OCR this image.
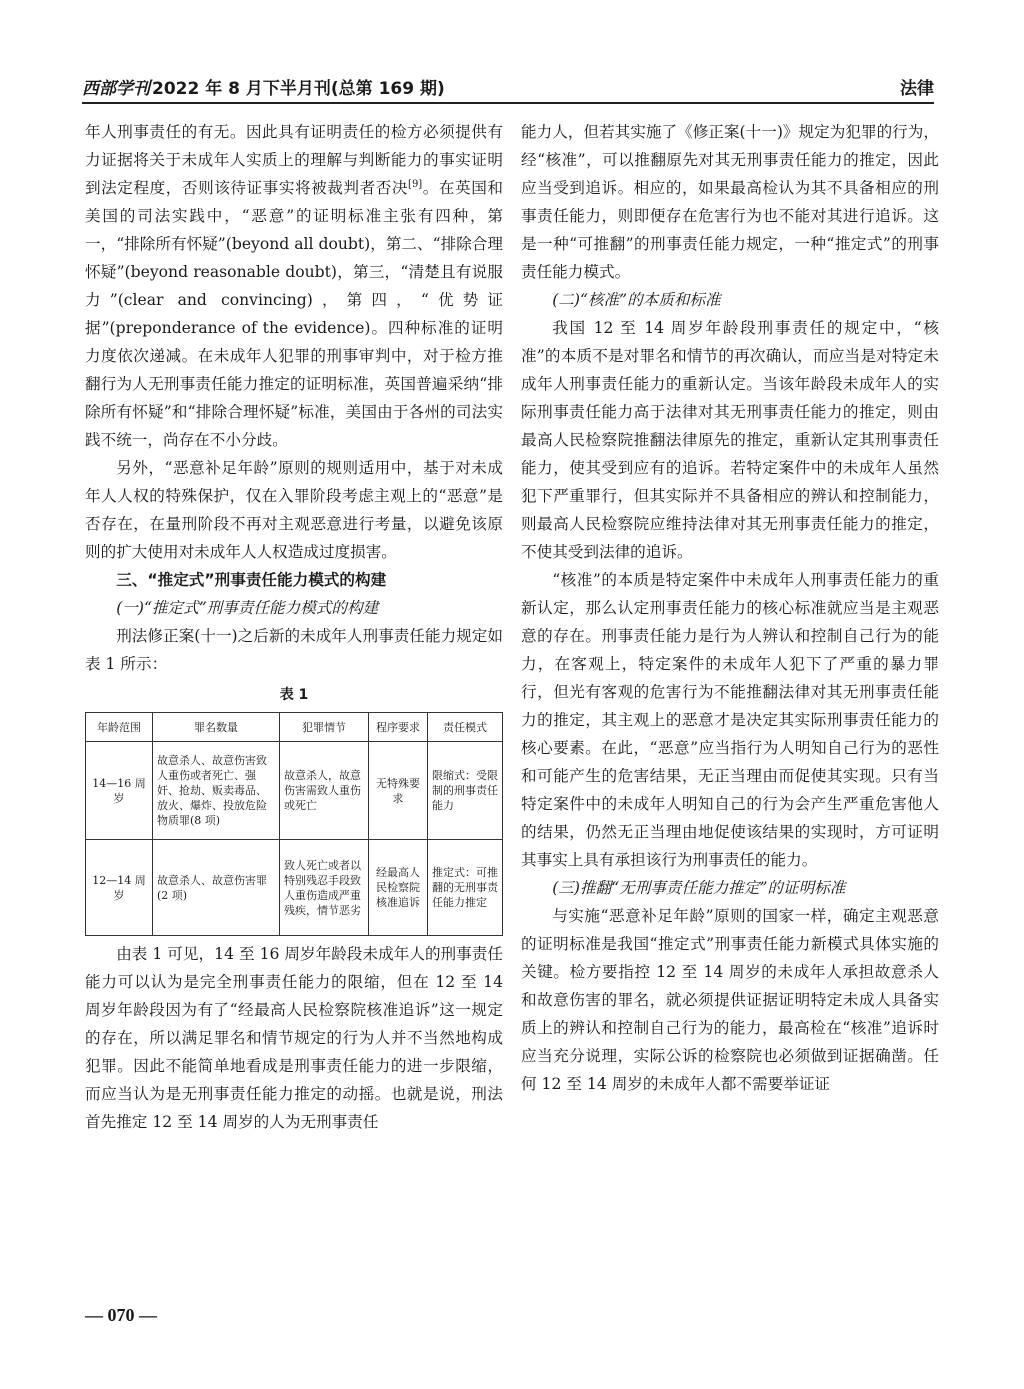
西部学刊 2022 年 8 月下半月刊(总第 169 期)	法律

年人刑事责任的有无。因此具有证明责任的检方必须提供有力证据将关于未成年人实质上的理解与判断能力的事实证明到法定程度，否则该待证事实将被裁判者否决[9]。在英国和美国的司法实践中，“恶意”的证明标准主张有四种，第一，“排除所有怀疑”(beyond all doubt)，第二、“排除合理怀疑”(beyond reasonable doubt)，第三，“清楚且有说服力”(clear and convincing)，第四，“优势证据”(preponderance of the evidence)。四种标准的证明力度依次递减。在未成年人犯罪的刑事审判中，对于检方推翻行为人无刑事责任能力推定的证明标准，英国普遍采纳“排除所有怀疑”和“排除合理怀疑”标准，美国由于各州的司法实践不统一，尚存在不小分歧。

另外，“恶意补足年龄”原则的规则适用中，基于对未成年人人权的特殊保护，仅在入罪阶段考虑主观上的“恶意”是否存在，在量刑阶段不再对主观恶意进行考量，以避免该原则的扩大使用对未成年人人权造成过度损害。

三、“推定式”刑事责任能力模式的构建

(一)“推定式”刑事责任能力模式的构建

刑法修正案(十一)之后新的未成年人刑事责任能力规定如表 1 所示：

表 1
年龄范围	罪名数量	犯罪情节	程序要求	责任模式
14—16 周岁	故意杀人、故意伤害致人重伤或者死亡、强奸、抢劫、贩卖毒品、放火、爆炸、投放危险物质罪(8 项)	故意杀人，故意伤害需致人重伤或死亡	无特殊要求	限缩式：受限制的刑事责任能力
12—14 周岁	故意杀人、故意伤害罪(2 项)	致人死亡或者以特别残忍手段致人重伤造成严重残疾，情节恶劣	经最高人民检察院核准追诉	推定式：可推翻的无刑事责任能力推定

由表 1 可见，14 至 16 周岁年龄段未成年人的刑事责任能力可以认为是完全刑事责任能力的限缩，但在 12 至 14 周岁年龄段因为有了“经最高人民检察院核准追诉”这一规定的存在，所以满足罪名和情节规定的行为人并不当然地构成犯罪。因此不能简单地看成是刑事责任能力的进一步限缩，而应当认为是无刑事责任能力推定的动摇。也就是说，刑法首先推定 12 至 14 周岁的人为无刑事责任

能力人，但若其实施了《修正案(十一)》规定为犯罪的行为，经“核准”，可以推翻原先对其无刑事责任能力的推定，因此应当受到追诉。相应的，如果最高检认为其不具备相应的刑事责任能力，则即便存在危害行为也不能对其进行追诉。这是一种“可推翻”的刑事责任能力规定，一种“推定式”的刑事责任能力模式。

(二)“核准”的本质和标准

我国 12 至 14 周岁年龄段刑事责任的规定中，“核准”的本质不是对罪名和情节的再次确认，而应当是对特定未成年人刑事责任能力的重新认定。当该年龄段未成年人的实际刑事责任能力高于法律对其无刑事责任能力的推定，则由最高人民检察院推翻法律原先的推定，重新认定其刑事责任能力，使其受到应有的追诉。若特定案件中的未成年人虽然犯下严重罪行，但其实际并不具备相应的辨认和控制能力，则最高人民检察院应维持法律对其无刑事责任能力的推定，不使其受到法律的追诉。

“核准”的本质是特定案件中未成年人刑事责任能力的重新认定，那么认定刑事责任能力的核心标准就应当是主观恶意的存在。刑事责任能力是行为人辨认和控制自己行为的能力，在客观上，特定案件的未成年人犯下了严重的暴力罪行，但光有客观的危害行为不能推翻法律对其无刑事责任能力的推定，其主观上的恶意才是决定其实际刑事责任能力的核心要素。在此，“恶意”应当指行为人明知自己行为的恶性和可能产生的危害结果，无正当理由而促使其实现。只有当特定案件中的未成年人明知自己的行为会产生严重危害他人的结果，仍然无正当理由地促使该结果的实现时，方可证明其事实上具有承担该行为刑事责任的能力。

(三)推翻“无刑事责任能力推定”的证明标准

与实施“恶意补足年龄”原则的国家一样，确定主观恶意的证明标准是我国“推定式”刑事责任能力新模式具体实施的关键。检方要指控 12 至 14 周岁的未成年人承担故意杀人和故意伤害的罪名，就必须提供证据证明特定未成人具备实质上的辨认和控制自己行为的能力，最高检在“核准”追诉时应当充分说理，实际公诉的检察院也必须做到证据确凿。任何 12 至 14 周岁的未成年人都不需要举证证

— 070 —
